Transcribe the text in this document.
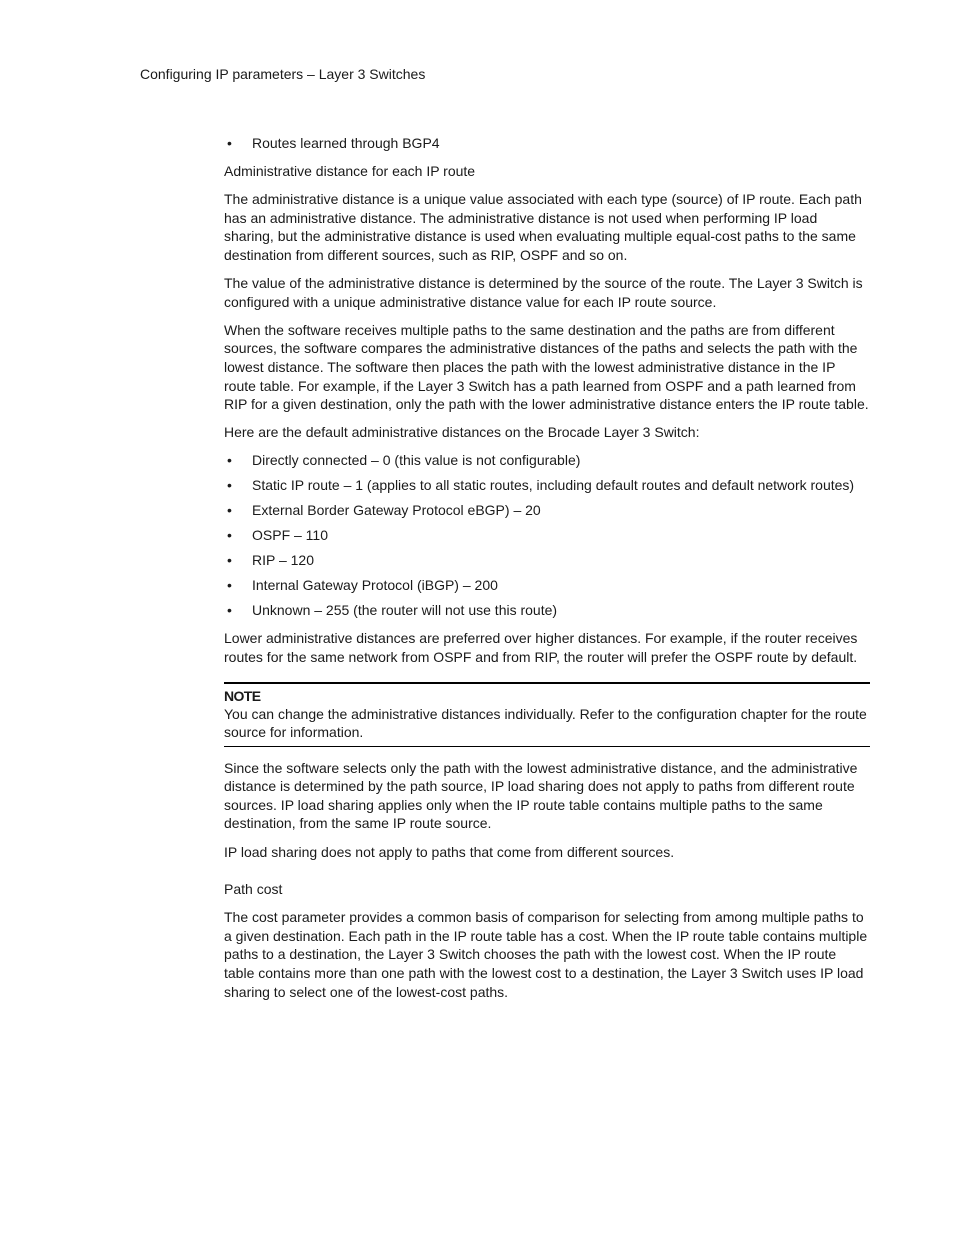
Configuring IP parameters – Layer 3 Switches
• Routes learned through BGP4
Administrative distance for each IP route

The administrative distance is a unique value associated with each type (source) of IP route. Each path has an administrative distance. The administrative distance is not used when performing IP load sharing, but the administrative distance is used when evaluating multiple equal-cost paths to the same destination from different sources, such as RIP, OSPF and so on.

The value of the administrative distance is determined by the source of the route. The Layer 3 Switch is configured with a unique administrative distance value for each IP route source.

When the software receives multiple paths to the same destination and the paths are from different sources, the software compares the administrative distances of the paths and selects the path with the lowest distance. The software then places the path with the lowest administrative distance in the IP route table. For example, if the Layer 3 Switch has a path learned from OSPF and a path learned from RIP for a given destination, only the path with the lower administrative distance enters the IP route table.

Here are the default administrative distances on the Brocade Layer 3 Switch:

• Directly connected – 0 (this value is not configurable)
• Static IP route – 1 (applies to all static routes, including default routes and default network routes)
• External Border Gateway Protocol eBGP) – 20
• OSPF – 110
• RIP – 120
• Internal Gateway Protocol (iBGP) – 200
• Unknown – 255 (the router will not use this route)

Lower administrative distances are preferred over higher distances. For example, if the router receives routes for the same network from OSPF and from RIP, the router will prefer the OSPF route by default.

NOTE

You can change the administrative distances individually. Refer to the configuration chapter for the route source for information.

Since the software selects only the path with the lowest administrative distance, and the administrative distance is determined by the path source, IP load sharing does not apply to paths from different route sources. IP load sharing applies only when the IP route table contains multiple paths to the same destination, from the same IP route source.

IP load sharing does not apply to paths that come from different sources.

Path cost

The cost parameter provides a common basis of comparison for selecting from among multiple paths to a given destination. Each path in the IP route table has a cost. When the IP route table contains multiple paths to a destination, the Layer 3 Switch chooses the path with the lowest cost. When the IP route table contains more than one path with the lowest cost to a destination, the Layer 3 Switch uses IP load sharing to select one of the lowest-cost paths.
